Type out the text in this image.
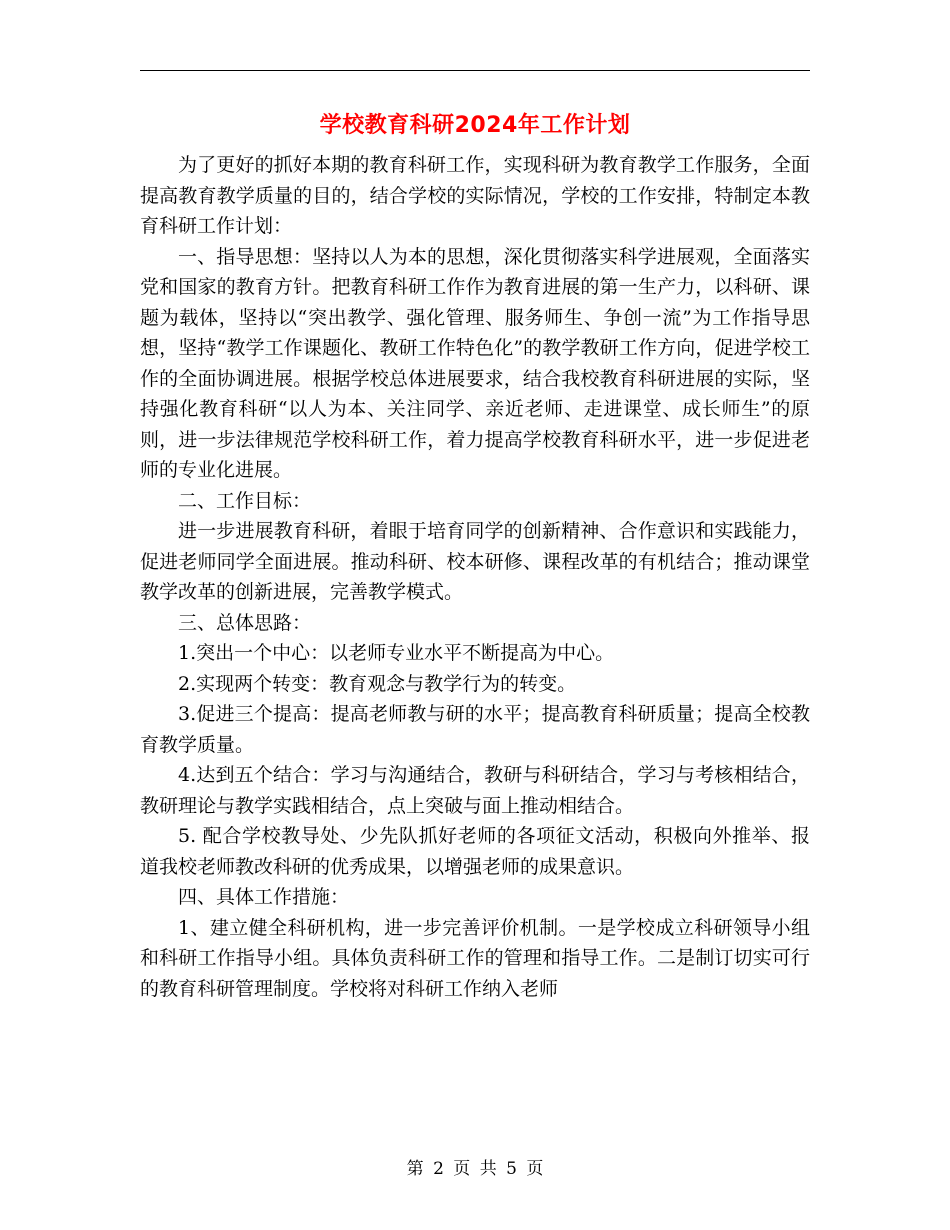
学校教育科研2024年工作计划

为了更好的抓好本期的教育科研工作，实现科研为教育教学工作服务，全面提高教育教学质量的目的，结合学校的实际情况，学校的工作安排，特制定本教育科研工作计划：

一、指导思想：坚持以人为本的思想，深化贯彻落实科学进展观，全面落实党和国家的教育方针。把教育科研工作作为教育进展的第一生产力，以科研、课题为载体，坚持以“突出教学、强化管理、服务师生、争创一流”为工作指导思想，坚持“教学工作课题化、教研工作特色化”的教学教研工作方向，促进学校工作的全面协调进展。根据学校总体进展要求，结合我校教育科研进展的实际，坚持强化教育科研“以人为本、关注同学、亲近老师、走进课堂、成长师生”的原则，进一步法律规范学校科研工作，着力提高学校教育科研水平，进一步促进老师的专业化进展。

二、工作目标：

进一步进展教育科研，着眼于培育同学的创新精神、合作意识和实践能力，促进老师同学全面进展。推动科研、校本研修、课程改革的有机结合；推动课堂教学改革的创新进展，完善教学模式。

三、总体思路：

1.突出一个中心：以老师专业水平不断提高为中心。

2.实现两个转变：教育观念与教学行为的转变。

3.促进三个提高：提高老师教与研的水平；提高教育科研质量；提高全校教育教学质量。

4.达到五个结合：学习与沟通结合，教研与科研结合，学习与考核相结合，教研理论与教学实践相结合，点上突破与面上推动相结合。

5. 配合学校教导处、少先队抓好老师的各项征文活动，积极向外推举、报道我校老师教改科研的优秀成果，以增强老师的成果意识。

四、具体工作措施：

1、建立健全科研机构，进一步完善评价机制。一是学校成立科研领导小组和科研工作指导小组。具体负责科研工作的管理和指导工作。二是制订切实可行的教育科研管理制度。学校将对科研工作纳入老师

第 2 页 共 5 页
